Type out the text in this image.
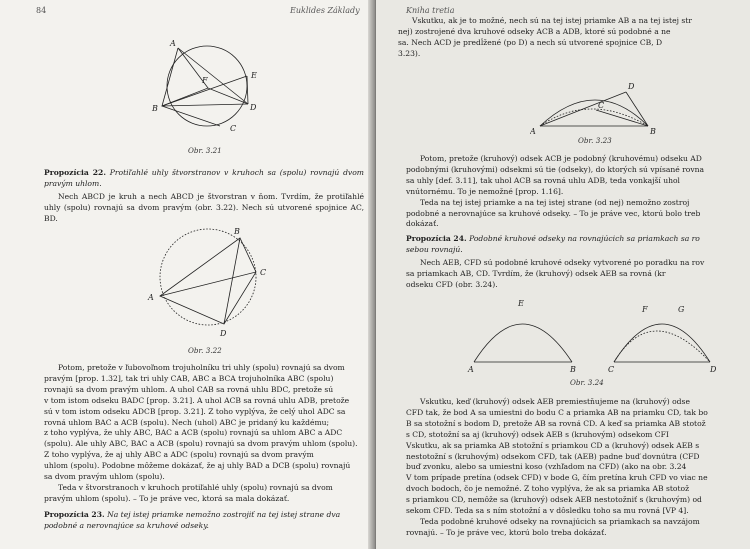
84	Euklides Základy
A
F
E
B	D
C
Obr. 3.21

Propozícia 22. Protiľahlé uhly štvorstranov v kruhoch sa (spolu) rovnajú dvom pravým uhlom.

Nech ABCD je kruh a nech ABCD je štvorstran v ňom. Tvrdím, že protiľahlé uhly (spolu) rovnajú sa dvom pravým (obr. 3.22). Nech sú utvorené spojnice AC, BD.

B
C
A
D
Obr. 3.22

Potom, pretože v ľubovoľnom trojuholníku tri uhly (spolu) rovnajú sa dvom

pravým [prop. 1.32], tak tri uhly CAB, ABC a BCA trojuholníka ABC (spolu)

rovnajú sa dvom pravým uhlom. A uhol CAB sa rovná uhlu BDC, pretože sú

v tom istom odseku BADC [prop. 3.21]. A uhol ACB sa rovná uhlu ADB, pretože

sú v tom istom odseku ADCB [prop. 3.21]. Z toho vyplýva, že celý uhol ADC sa

rovná uhlom BAC a ACB (spolu). Nech (uhol) ABC je pridaný ku každému;

z toho vyplýva, že uhly ABC, BAC a ACB (spolu) rovnajú sa uhlom ABC a ADC

(spolu). Ale uhly ABC, BAC a ACB (spolu) rovnajú sa dvom pravým uhlom (spolu).

Z toho vyplýva, že aj uhly ABC a ADC (spolu) rovnajú sa dvom pravým

uhlom (spolu). Podobne môžeme dokázať, že aj uhly BAD a DCB (spolu) rovnajú

sa dvom pravým uhlom (spolu).

Teda v štvorstranoch v kruhoch protiľahlé uhly (spolu) rovnajú sa dvom

pravým uhlom (spolu). – To je práve vec, ktorá sa mala dokázať.

Propozícia 23. Na tej istej priamke nemožno zostrojiť na tej istej strane dva

podobné a nerovnajúce sa kruhové odseky.

Kniha tretia

Vskutku, ak je to možné, nech sú na tej istej priamke AB a na tej istej str

nej) zostrojené dva kruhové odseky ACB a ADB, ktoré sú podobné a ne

sa. Nech ACD je predĺžené (po D) a nech sú utvorené spojnice CB, D

3.23).

D
C
A	B
Obr. 3.23

Potom, pretože (kruhový) odsek ACB je podobný (kruhovému) odseku AD

podobnými (kruhovými) odsekmi sú tie (odseky), do ktorých sú vpísané rovna

sa uhly [def. 3.11], tak uhol ACB sa rovná uhlu ADB, teda vonkajší uhol

vnútornému. To je nemožné [prop. 1.16].

Teda na tej istej priamke a na tej istej strane (od nej) nemožno zostroj

podobné a nerovnajúce sa kruhové odseky. – To je práve vec, ktorú bolo treb

dokázať.

Propozícia 24. Podobné kruhové odseky na rovnajúcich sa priamkach sa ro

sebou rovnajú.

Nech AEB, CFD sú podobné kruhové odseky vytvorené po poradku na rov

sa priamkach AB, CD. Tvrdím, že (kruhový) odsek AEB sa rovná (kr

odseku CFD (obr. 3.24).

E
F	G
A	B	C	D
Obr. 3.24

Vskutku, keď (kruhový) odsek AEB premiestňujeme na (kruhový) odse

CFD tak, že bod A sa umiestni do bodu C a priamka AB na priamku CD, tak bo

B sa stotožní s bodom D, pretože AB sa rovná CD. A keď sa priamka AB stotož

s CD, stotožní sa aj (kruhový) odsek AEB s (kruhovým) odsekom CFI

Vskutku, ak sa priamka AB stotožní s priamkou CD a (kruhový) odsek AEB s

nestotožní s (kruhovým) odsekom CFD, tak (AEB) padne buď dovnútra (CFD

buď zvonku, alebo sa umiestni koso (vzhľadom na CFD) (ako na obr. 3.24

V tom prípade pretína (odsek CFD) v bode G, čím pretína kruh CFD vo viac ne

dvoch bodoch, čo je nemožné. Z toho vyplýva, že ak sa priamka AB stotož

s priamkou CD, nemôže sa (kruhový) odsek AEB nestotožniť s (kruhovým) od

sekom CFD. Teda sa s ním stotožní a v dôsledku toho sa mu rovná [VP 4].

Teda podobné kruhové odseky na rovnajúcich sa priamkach sa navzájom

rovnajú. – To je práve vec, ktorú bolo treba dokázať.
